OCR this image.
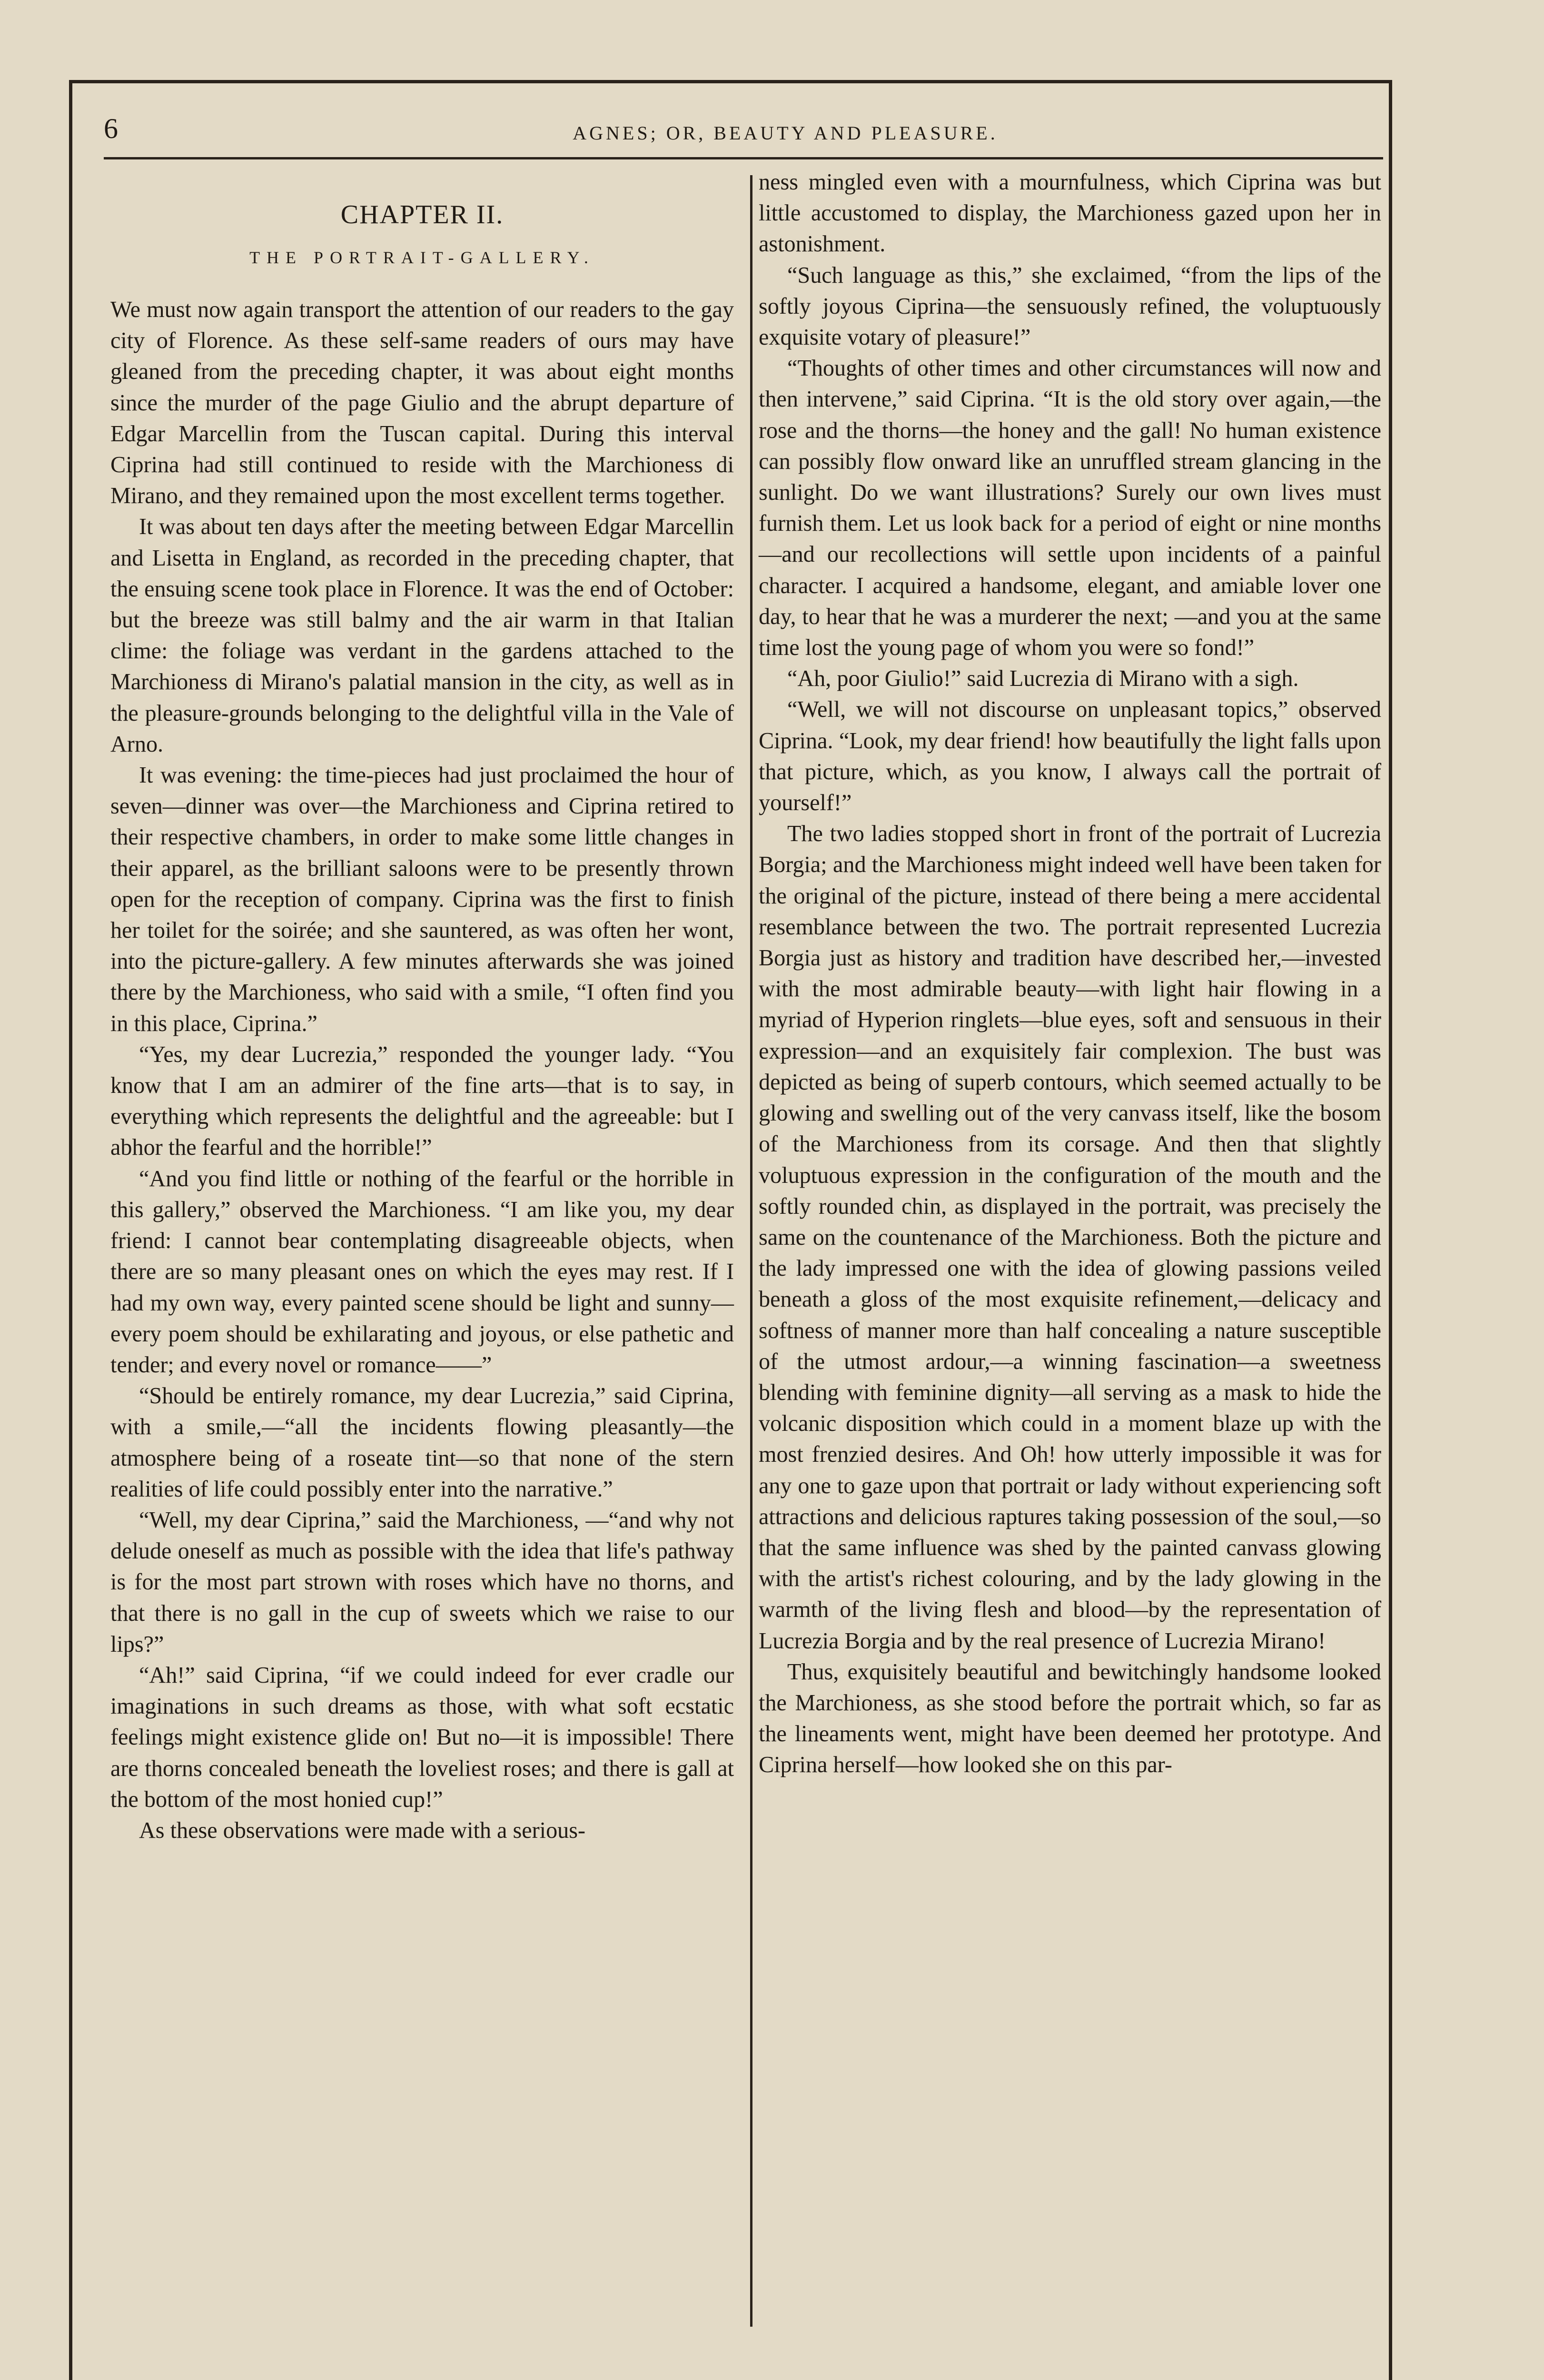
6	AGNES; OR, BEAUTY AND PLEASURE.
CHAPTER II.
THE PORTRAIT-GALLERY.

We must now again transport the attention of our readers to the gay city of Florence. As these self-same readers of ours may have gleaned from the preceding chapter, it was about eight months since the murder of the page Giulio and the abrupt departure of Edgar Marcellin from the Tuscan capital. During this interval Ciprina had still continued to reside with the Marchioness di Mirano, and they remained upon the most excellent terms together.

It was about ten days after the meeting between Edgar Marcellin and Lisetta in England, as recorded in the preceding chapter, that the ensuing scene took place in Florence. It was the end of October: but the breeze was still balmy and the air warm in that Italian clime: the foliage was verdant in the gardens attached to the Marchioness di Mirano's palatial mansion in the city, as well as in the pleasure-grounds belonging to the delightful villa in the Vale of Arno.

It was evening: the time-pieces had just proclaimed the hour of seven—dinner was over—the Marchioness and Ciprina retired to their respective chambers, in order to make some little changes in their apparel, as the brilliant saloons were to be presently thrown open for the reception of company. Ciprina was the first to finish her toilet for the soirée; and she sauntered, as was often her wont, into the picture-gallery. A few minutes afterwards she was joined there by the Marchioness, who said with a smile, “I often find you in this place, Ciprina.”

“Yes, my dear Lucrezia,” responded the younger lady. “You know that I am an admirer of the fine arts—that is to say, in everything which represents the delightful and the agreeable: but I abhor the fearful and the horrible!”

“And you find little or nothing of the fearful or the horrible in this gallery,” observed the Marchioness. “I am like you, my dear friend: I cannot bear contemplating disagreeable objects, when there are so many pleasant ones on which the eyes may rest. If I had my own way, every painted scene should be light and sunny—every poem should be exhilarating and joyous, or else pathetic and tender; and every novel or romance——”

“Should be entirely romance, my dear Lucrezia,” said Ciprina, with a smile,—“all the incidents flowing pleasantly—the atmosphere being of a roseate tint—so that none of the stern realities of life could possibly enter into the narrative.”

“Well, my dear Ciprina,” said the Marchioness, —“and why not delude oneself as much as possible with the idea that life's pathway is for the most part strown with roses which have no thorns, and that there is no gall in the cup of sweets which we raise to our lips?”

“Ah!” said Ciprina, “if we could indeed for ever cradle our imaginations in such dreams as those, with what soft ecstatic feelings might existence glide on! But no—it is impossible! There are thorns concealed beneath the loveliest roses; and there is gall at the bottom of the most honied cup!”

As these observations were made with a serious-

ness mingled even with a mournfulness, which Ciprina was but little accustomed to display, the Marchioness gazed upon her in astonishment.

“Such language as this,” she exclaimed, “from the lips of the softly joyous Ciprina—the sensuously refined, the voluptuously exquisite votary of pleasure!”

“Thoughts of other times and other circumstances will now and then intervene,” said Ciprina. “It is the old story over again,—the rose and the thorns—the honey and the gall! No human existence can possibly flow onward like an unruffled stream glancing in the sunlight. Do we want illustrations? Surely our own lives must furnish them. Let us look back for a period of eight or nine months—and our recollections will settle upon incidents of a painful character. I acquired a handsome, elegant, and amiable lover one day, to hear that he was a murderer the next; —and you at the same time lost the young page of whom you were so fond!”

“Ah, poor Giulio!” said Lucrezia di Mirano with a sigh.

“Well, we will not discourse on unpleasant topics,” observed Ciprina. “Look, my dear friend! how beautifully the light falls upon that picture, which, as you know, I always call the portrait of yourself!”

The two ladies stopped short in front of the portrait of Lucrezia Borgia; and the Marchioness might indeed well have been taken for the original of the picture, instead of there being a mere accidental resemblance between the two. The portrait represented Lucrezia Borgia just as history and tradition have described her,—invested with the most admirable beauty—with light hair flowing in a myriad of Hyperion ringlets—blue eyes, soft and sensuous in their expression—and an exquisitely fair complexion. The bust was depicted as being of superb contours, which seemed actually to be glowing and swelling out of the very canvass itself, like the bosom of the Marchioness from its corsage. And then that slightly voluptuous expression in the configuration of the mouth and the softly rounded chin, as displayed in the portrait, was precisely the same on the countenance of the Marchioness. Both the picture and the lady impressed one with the idea of glowing passions veiled beneath a gloss of the most exquisite refinement,—delicacy and softness of manner more than half concealing a nature susceptible of the utmost ardour,—a winning fascination—a sweetness blending with feminine dignity—all serving as a mask to hide the volcanic disposition which could in a moment blaze up with the most frenzied desires. And Oh! how utterly impossible it was for any one to gaze upon that portrait or lady without experiencing soft attractions and delicious raptures taking possession of the soul,—so that the same influence was shed by the painted canvass glowing with the artist's richest colouring, and by the lady glowing in the warmth of the living flesh and blood—by the representation of Lucrezia Borgia and by the real presence of Lucrezia Mirano!

Thus, exquisitely beautiful and bewitchingly handsome looked the Marchioness, as she stood before the portrait which, so far as the lineaments went, might have been deemed her prototype. And Ciprina herself—how looked she on this par-
